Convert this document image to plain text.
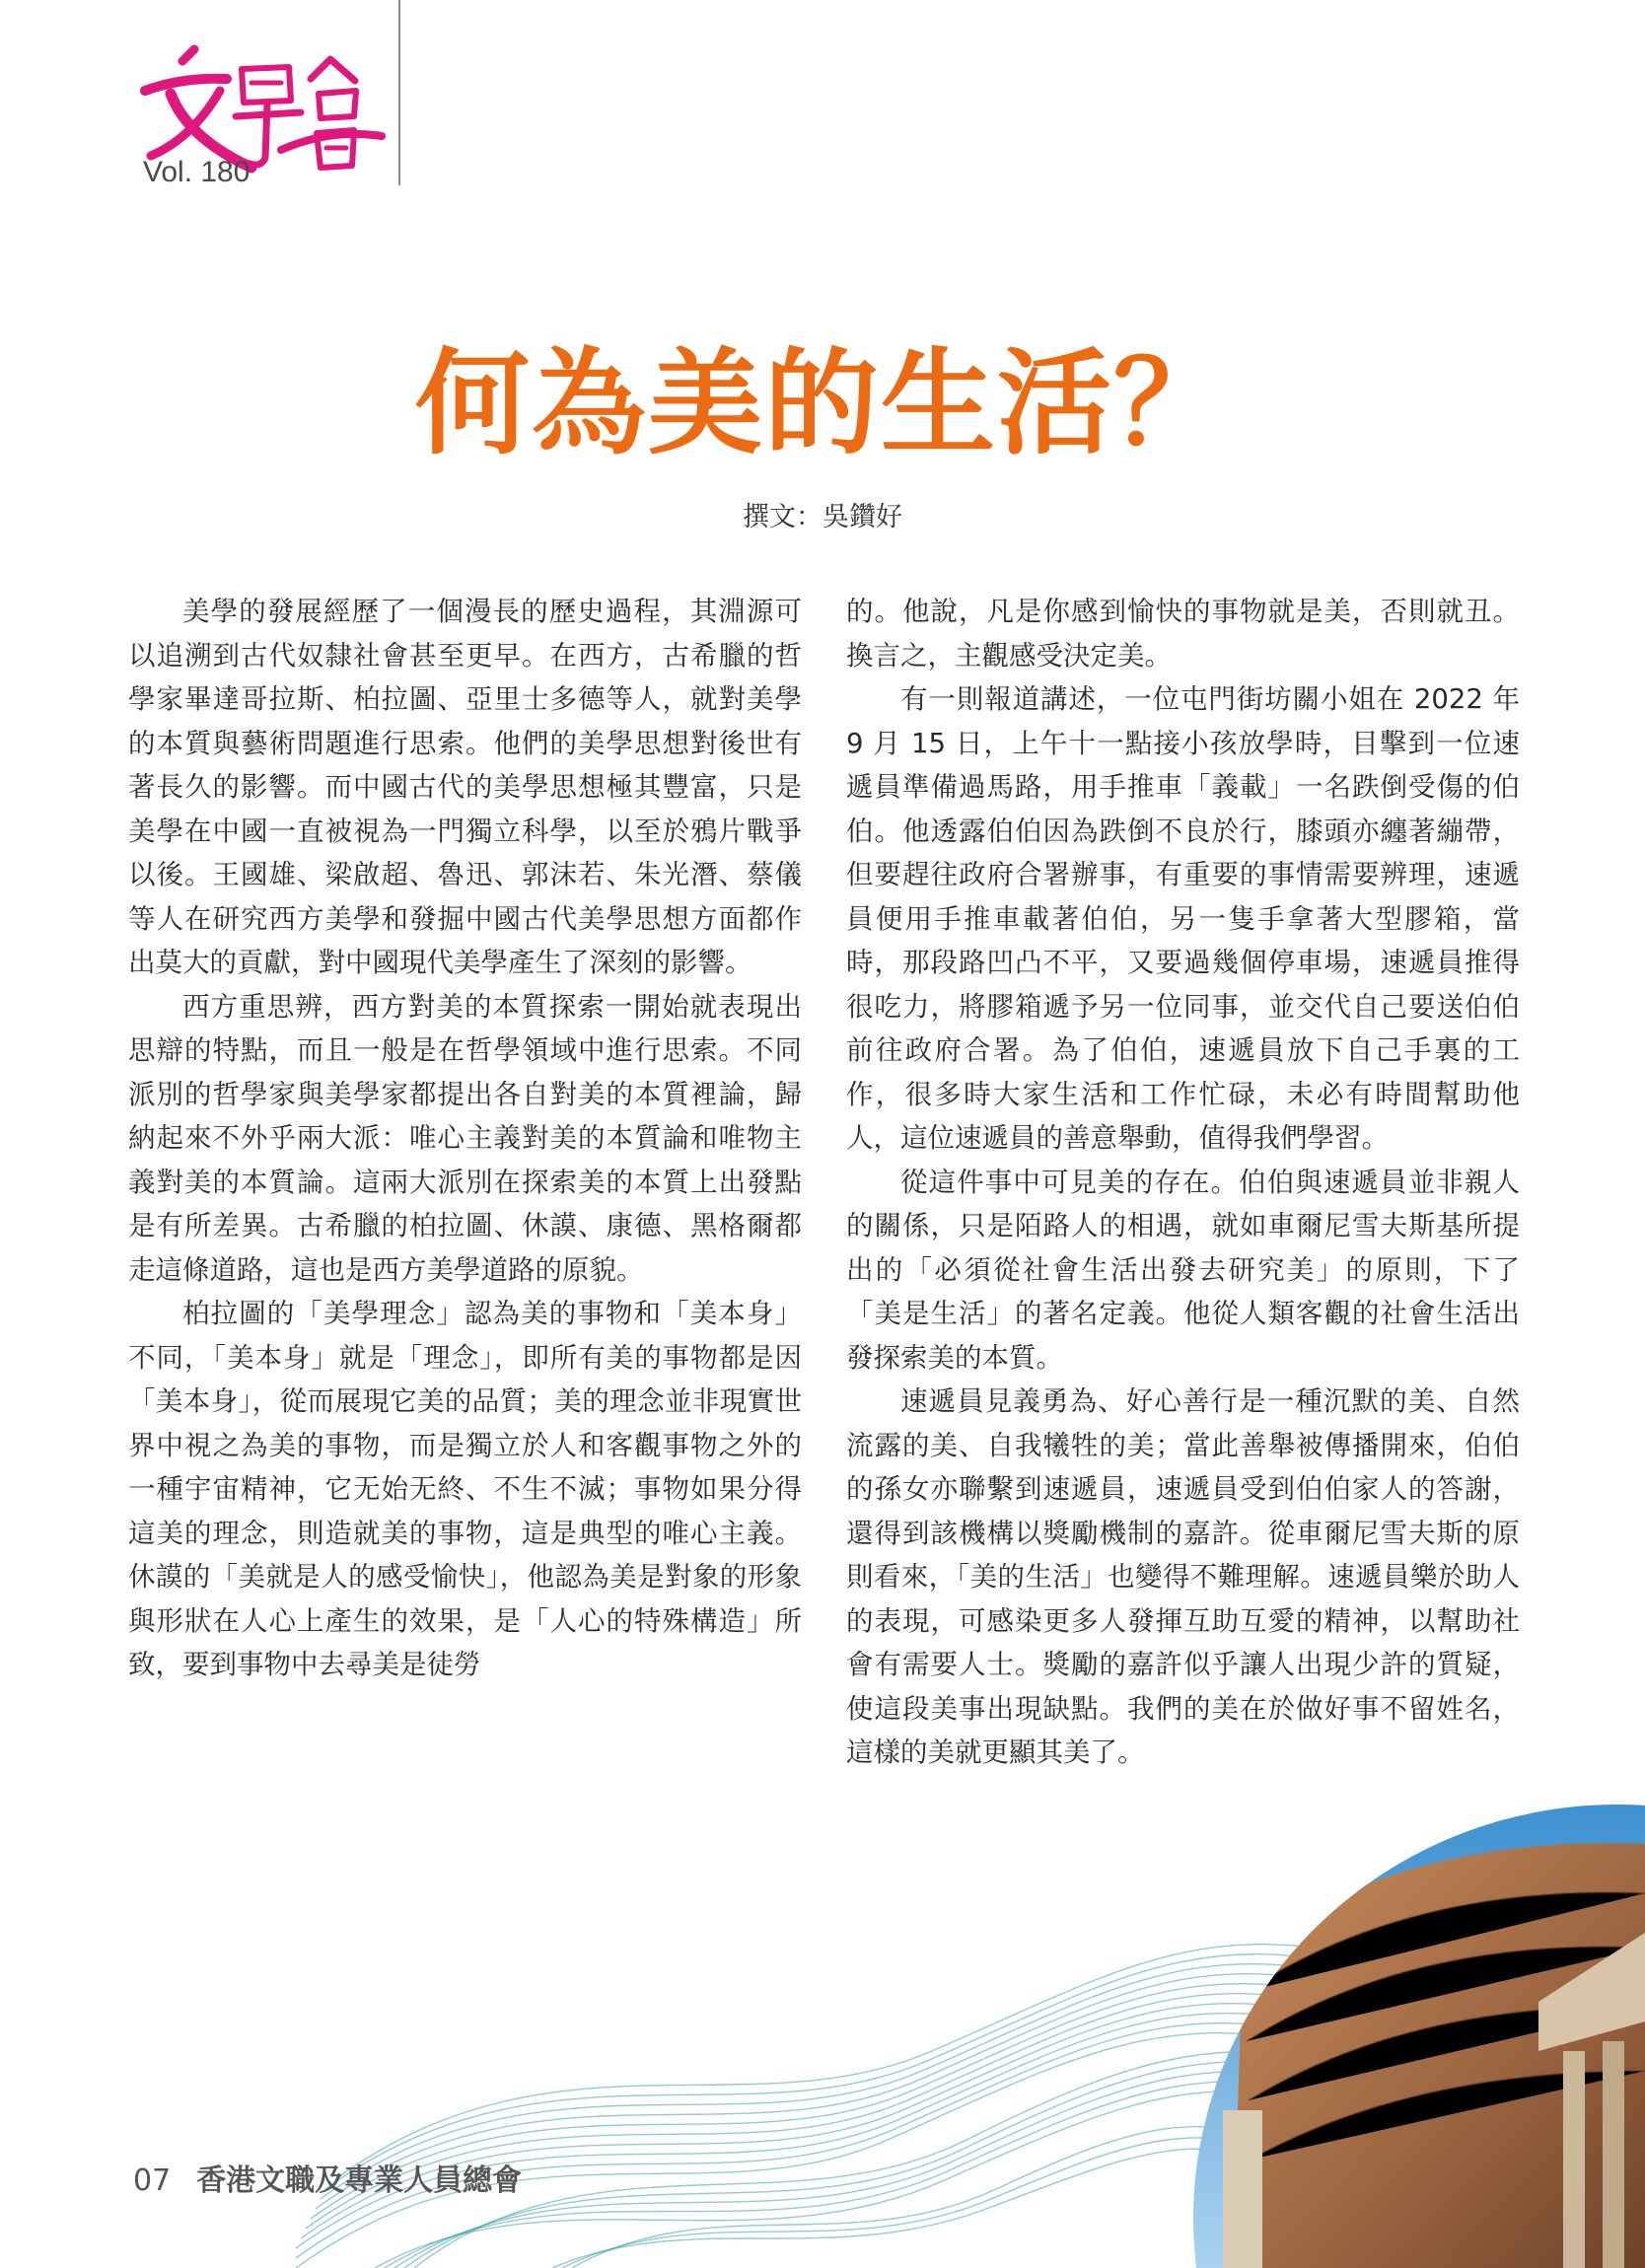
Vol. 180
何為美的生活？
撰文：吳鑽好

美學的發展經歷了一個漫長的歷史過程，其淵源可以追溯到古代奴隸社會甚至更早。在西方，古希臘的哲學家畢達哥拉斯、柏拉圖、亞里士多德等人，就對美學的本質與藝術問題進行思索。他們的美學思想對後世有著長久的影響。而中國古代的美學思想極其豐富，只是美學在中國一直被視為一門獨立科學，以至於鴉片戰爭以後。王國雄、梁啟超、魯迅、郭沫若、朱光潛、蔡儀等人在研究西方美學和發掘中國古代美學思想方面都作出莫大的貢獻，對中國現代美學產生了深刻的影響。

西方重思辨，西方對美的本質探索一開始就表現出思辯的特點，而且一般是在哲學領域中進行思索。不同派別的哲學家與美學家都提出各自對美的本質裡論，歸納起來不外乎兩大派：唯心主義對美的本質論和唯物主義對美的本質論。這兩大派別在探索美的本質上出發點是有所差異。古希臘的柏拉圖、休謨、康德、黑格爾都走這條道路，這也是西方美學道路的原貌。

柏拉圖的「美學理念」認為美的事物和「美本身」不同，「美本身」就是「理念」，即所有美的事物都是因「美本身」，從而展現它美的品質；美的理念並非現實世界中視之為美的事物，而是獨立於人和客觀事物之外的一種宇宙精神，它无始无終、不生不滅；事物如果分得這美的理念，則造就美的事物，這是典型的唯心主義。休謨的「美就是人的感受愉快」，他認為美是對象的形象與形狀在人心上產生的效果，是「人心的特殊構造」所致，要到事物中去尋美是徒勞

的。他說，凡是你感到愉快的事物就是美，否則就丑。換言之，主觀感受決定美。

有一則報道講述，一位屯門街坊關小姐在 2022 年 9 月 15 日，上午十一點接小孩放學時，目擊到一位速遞員準備過馬路，用手推車「義載」一名跌倒受傷的伯伯。他透露伯伯因為跌倒不良於行，膝頭亦纏著繃帶，但要趕往政府合署辦事，有重要的事情需要辨理，速遞員便用手推車載著伯伯，另一隻手拿著大型膠箱，當時，那段路凹凸不平，又要過幾個停車場，速遞員推得很吃力，將膠箱遞予另一位同事，並交代自己要送伯伯前往政府合署。為了伯伯，速遞員放下自己手裏的工作，很多時大家生活和工作忙碌，未必有時間幫助他人，這位速遞員的善意舉動，值得我們學習。

從這件事中可見美的存在。伯伯與速遞員並非親人的關係，只是陌路人的相遇，就如車爾尼雪夫斯基所提出的「必須從社會生活出發去研究美」的原則，下了「美是生活」的著名定義。他從人類客觀的社會生活出發探索美的本質。

速遞員見義勇為、好心善行是一種沉默的美、自然流露的美、自我犧牲的美；當此善舉被傳播開來，伯伯的孫女亦聯繫到速遞員，速遞員受到伯伯家人的答謝，還得到該機構以獎勵機制的嘉許。從車爾尼雪夫斯的原則看來，「美的生活」也變得不難理解。速遞員樂於助人的表現，可感染更多人發揮互助互愛的精神，以幫助社會有需要人士。獎勵的嘉許似乎讓人出現少許的質疑，使這段美事出現缺點。我們的美在於做好事不留姓名，這樣的美就更顯其美了。

07 香港文職及專業人員總會
